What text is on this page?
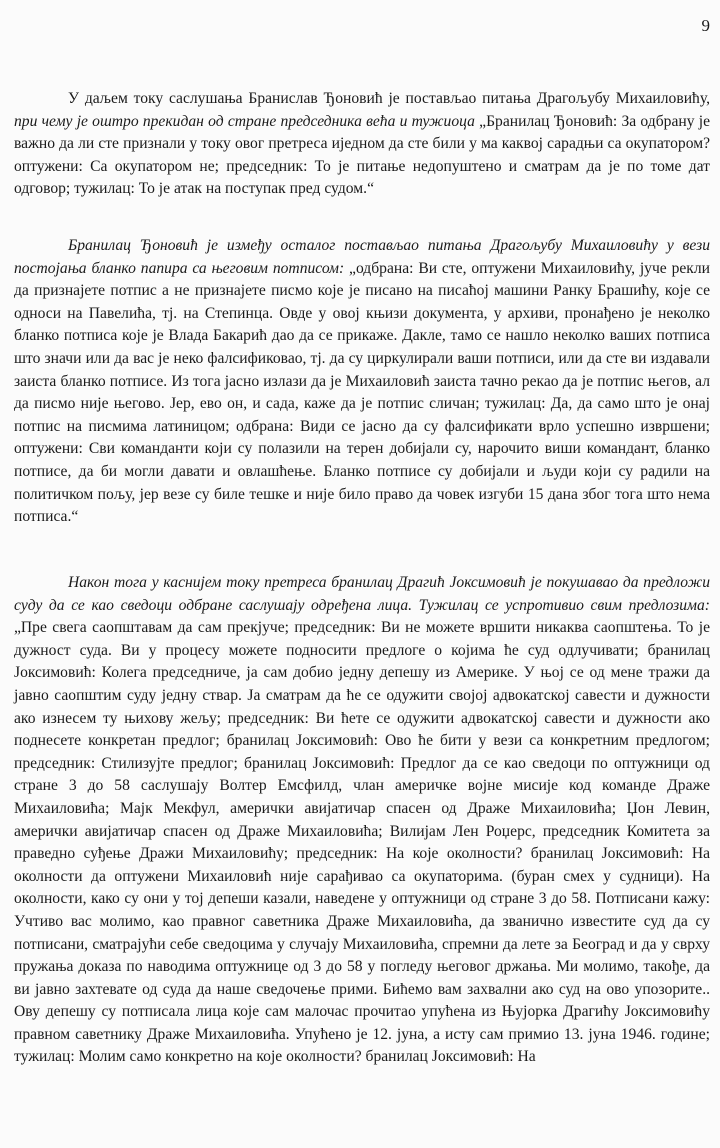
9

У даљем току саслушања Бранислав Ђоновић је постављао питања Драгољубу Михаиловићу, при чему је оштро прекидан од стране председника већа и тужиоца „Бранилац Ђоновић: За одбрану је важно да ли сте признали у току овог претреса иједном да сте били у ма каквој сарадњи са окупатором? оптужени: Са окупатором не; председник: То је питање недопуштено и сматрам да је по томе дат одговор; тужилац: То је атак на поступак пред судом.“

Бранилац Ђоновић је између осталог постављао питања Драгољубу Михаиловићу у вези постојања бланко папира са његовим потписом: „одбрана: Ви сте, оптужени Михаиловићу, јуче рекли да признајете потпис а не признајете писмо које је писано на писаћој машини Ранку Брашићу, које се односи на Павелића, тј. на Степинца. Овде у овој књизи документа, у архиви, пронађено је неколко бланко потписа које је Влада Бакарић дао да се прикаже. Дакле, тамо се нашло неколко ваших потписа што значи или да вас је неко фалсификовао, тј. да су циркулирали ваши потписи, или да сте ви издавали заиста бланко потписе. Из тога јасно излази да је Михаиловић заиста тачно рекао да је потпис његов, ал да писмо није његово. Јер, ево он, и сада, каже да је потпис сличан; тужилац: Да, да само што је онај потпис на писмима латиницом; одбрана: Види се јасно да су фалсификати врло успешно извршени; оптужени: Сви команданти који су полазили на терен добијали су, нарочито виши командант, бланко потписе, да би могли давати и овлашћење. Бланко потписе су добијали и људи који су радили на политичком пољу, јер везе су биле тешке и није било право да човек изгуби 15 дана због тога што нема потписа.“

Након тога у каснијем току претреса бранилац Драгић Јоксимовић је покушавао да предложи суду да се као сведоци одбране саслушају одређена лица. Тужилац се успротивио свим предлозима: „Пре свега саопштавам да сам прекјуче; председник: Ви не можете вршити никаква саопштења. То је дужност суда. Ви у процесу можете подносити предлоге о којима ће суд одлучивати; бранилац Јоксимовић: Колега председниче, ја сам добио једну депешу из Америке. У њој се од мене тражи да јавно саопштим суду једну ствар. Ја сматрам да ће се одужити својој адвокатској савести и дужности ако изнесем ту њихову жељу; председник: Ви ћете се одужити адвокатској савести и дужности ако поднесете конкретан предлог; бранилац Јоксимовић: Ово ће бити у вези са конкретним предлогом; председник: Стилизујте предлог; бранилац Јоксимовић: Предлог да се као сведоци по оптужници од стране 3 до 58 саслушају Волтер Емсфилд, члан америчке војне мисије код команде Драже Михаиловића; Мајк Мекфул, амерички авијатичар спасен од Драже Михаиловића; Џон Левин, амерички авијатичар спасен од Драже Михаиловића; Вилијам Лен Роџерс, председник Комитета за праведно суђење Дражи Михаиловићу; председник: На које околности? бранилац Јоксимовић: На околности да оптужени Михаиловић није сарађивао са окупаторима. (буран смех у судници). На околности, како су они у тој депеши казали, наведене у оптужници од стране 3 до 58. Потписани кажу: Учтиво вас молимо, као правног саветника Драже Михаиловића, да званично известите суд да су потписани, сматрајући себе сведоцима у случају Михаиловића, спремни да лете за Београд и да у сврху пружања доказа по наводима оптужнице од 3 до 58 у погледу његовог држања. Ми молимо, такође, да ви јавно захтевате од суда да наше сведочење прими. Бићемо вам захвални ако суд на ово упозорите.. Ову депешу су потписала лица које сам малочас прочитао упућена из Њујорка Драгићу Јоксимовићу правном саветнику Драже Михаиловића. Упућено је 12. јуна, а исту сам примио 13. јуна 1946. године; тужилац: Молим само конкретно на које околности? бранилац Јоксимовић: На
